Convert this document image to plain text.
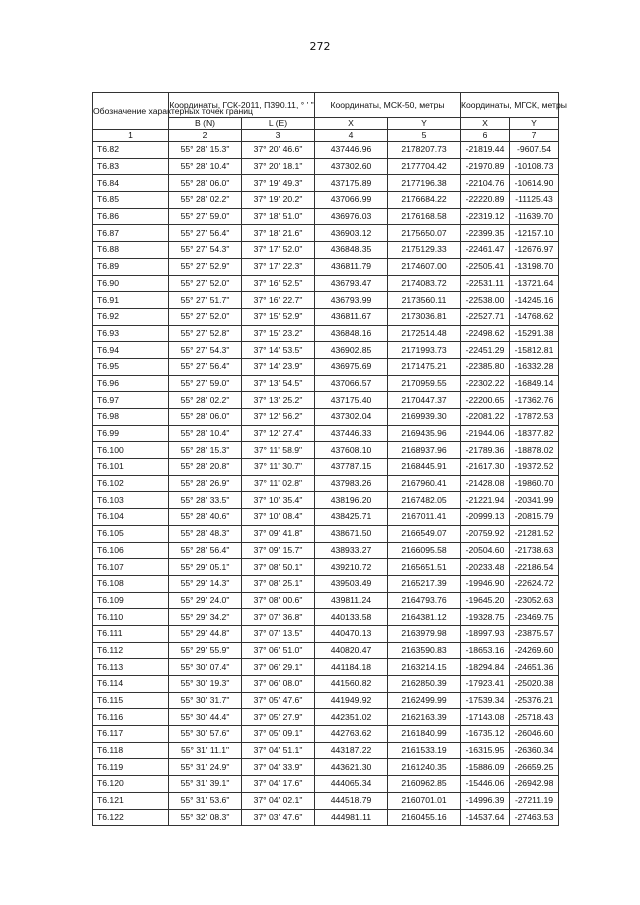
272
Обозначение характерных точек границ	Координаты, ГСК-2011, П390.11, ° ' "		Координаты, МСК-50, метры		Координаты, МГСК, метры	
	B (N)	L (E)	X	Y	X	Y
1	2	3	4	5	6	7
Т6.82	55° 28' 15.3"	37° 20' 46.6"	437446.96	2178207.73	-21819.44	-9607.54
Т6.83	55° 28' 10.4"	37° 20' 18.1"	437302.60	2177704.42	-21970.89	-10108.73
Т6.84	55° 28' 06.0"	37° 19' 49.3"	437175.89	2177196.38	-22104.76	-10614.90
Т6.85	55° 28' 02.2"	37° 19' 20.2"	437066.99	2176684.22	-22220.89	-11125.43
Т6.86	55° 27' 59.0"	37° 18' 51.0"	436976.03	2176168.58	-22319.12	-11639.70
Т6.87	55° 27' 56.4"	37° 18' 21.6"	436903.12	2175650.07	-22399.35	-12157.10
Т6.88	55° 27' 54.3"	37° 17' 52.0"	436848.35	2175129.33	-22461.47	-12676.97
Т6.89	55° 27' 52.9"	37° 17' 22.3"	436811.79	2174607.00	-22505.41	-13198.70
Т6.90	55° 27' 52.0"	37° 16' 52.5"	436793.47	2174083.72	-22531.11	-13721.64
Т6.91	55° 27' 51.7"	37° 16' 22.7"	436793.99	2173560.11	-22538.00	-14245.16
Т6.92	55° 27' 52.0"	37° 15' 52.9"	436811.67	2173036.81	-22527.71	-14768.62
Т6.93	55° 27' 52.8"	37° 15' 23.2"	436848.16	2172514.48	-22498.62	-15291.38
Т6.94	55° 27' 54.3"	37° 14' 53.5"	436902.85	2171993.73	-22451.29	-15812.81
Т6.95	55° 27' 56.4"	37° 14' 23.9"	436975.69	2171475.21	-22385.80	-16332.28
Т6.96	55° 27' 59.0"	37° 13' 54.5"	437066.57	2170959.55	-22302.22	-16849.14
Т6.97	55° 28' 02.2"	37° 13' 25.2"	437175.40	2170447.37	-22200.65	-17362.76
Т6.98	55° 28' 06.0"	37° 12' 56.2"	437302.04	2169939.30	-22081.22	-17872.53
Т6.99	55° 28' 10.4"	37° 12' 27.4"	437446.33	2169435.96	-21944.06	-18377.82
Т6.100	55° 28' 15.3"	37° 11' 58.9"	437608.10	2168937.96	-21789.36	-18878.02
Т6.101	55° 28' 20.8"	37° 11' 30.7"	437787.15	2168445.91	-21617.30	-19372.52
Т6.102	55° 28' 26.9"	37° 11' 02.8"	437983.26	2167960.41	-21428.08	-19860.70
Т6.103	55° 28' 33.5"	37° 10' 35.4"	438196.20	2167482.05	-21221.94	-20341.99
Т6.104	55° 28' 40.6"	37° 10' 08.4"	438425.71	2167011.41	-20999.13	-20815.79
Т6.105	55° 28' 48.3"	37° 09' 41.8"	438671.50	2166549.07	-20759.92	-21281.52
Т6.106	55° 28' 56.4"	37° 09' 15.7"	438933.27	2166095.58	-20504.60	-21738.63
Т6.107	55° 29' 05.1"	37° 08' 50.1"	439210.72	2165651.51	-20233.48	-22186.54
Т6.108	55° 29' 14.3"	37° 08' 25.1"	439503.49	2165217.39	-19946.90	-22624.72
Т6.109	55° 29' 24.0"	37° 08' 00.6"	439811.24	2164793.76	-19645.20	-23052.63
Т6.110	55° 29' 34.2"	37° 07' 36.8"	440133.58	2164381.12	-19328.75	-23469.75
Т6.111	55° 29' 44.8"	37° 07' 13.5"	440470.13	2163979.98	-18997.93	-23875.57
Т6.112	55° 29' 55.9"	37° 06' 51.0"	440820.47	2163590.83	-18653.16	-24269.60
Т6.113	55° 30' 07.4"	37° 06' 29.1"	441184.18	2163214.15	-18294.84	-24651.36
Т6.114	55° 30' 19.3"	37° 06' 08.0"	441560.82	2162850.39	-17923.41	-25020.38
Т6.115	55° 30' 31.7"	37° 05' 47.6"	441949.92	2162499.99	-17539.34	-25376.21
Т6.116	55° 30' 44.4"	37° 05' 27.9"	442351.02	2162163.39	-17143.08	-25718.43
Т6.117	55° 30' 57.6"	37° 05' 09.1"	442763.62	2161840.99	-16735.12	-26046.60
Т6.118	55° 31' 11.1"	37° 04' 51.1"	443187.22	2161533.19	-16315.95	-26360.34
Т6.119	55° 31' 24.9"	37° 04' 33.9"	443621.30	2161240.35	-15886.09	-26659.25
Т6.120	55° 31' 39.1"	37° 04' 17.6"	444065.34	2160962.85	-15446.06	-26942.98
Т6.121	55° 31' 53.6"	37° 04' 02.1"	444518.79	2160701.01	-14996.39	-27211.19
Т6.122	55° 32' 08.3"	37° 03' 47.6"	444981.11	2160455.16	-14537.64	-27463.53
